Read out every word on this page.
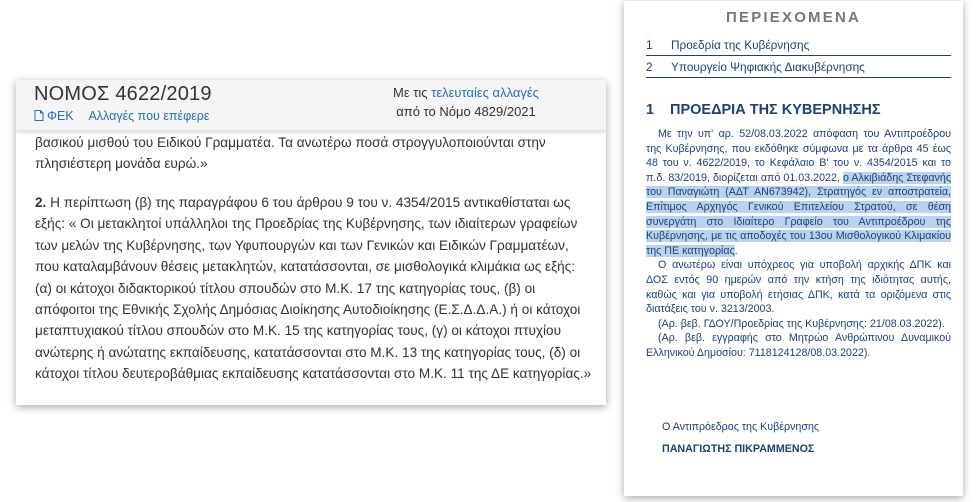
βασικού μισθού του Ειδικού Γραμματέα. Τα ανωτέρω ποσά στρογγυλοποιούνται στην πλησιέστερη μονάδα ευρώ.»

2. Η περίπτωση (β) της παραγράφου 6 του άρθρου 9 του ν. 4354/2015 αντικαθίσταται ως εξής: « Οι μετακλητοί υπάλληλοι της Προεδρίας της Κυβέρνησης, των ιδιαίτερων γραφείων των μελών της Κυβέρνησης, των Υφυπουργών και των Γενικών και Ειδικών Γραμματέων, που καταλαμβάνουν θέσεις μετακλητών, κατατάσσονται, σε μισθολογικά κλιμάκια ως εξής: (α) οι κάτοχοι διδακτορικού τίτλου σπουδών στο Μ.Κ. 17 της κατηγορίας τους, (β) οι απόφοιτοι της Εθνικής Σχολής Δημόσιας Διοίκησης Αυτοδιοίκησης (Ε.Σ.Δ.Δ.Α.) ή οι κάτοχοι μεταπτυχιακού τίτλου σπουδών στο Μ.Κ. 15 της κατηγορίας τους, (γ) οι κάτοχοι πτυχίου ανώτερης ή ανώτατης εκπαίδευσης, κατατάσσονται στο Μ.Κ. 13 της κατηγορίας τους, (δ) οι κάτοχοι τίτλου δευτεροβάθμιας εκπαίδευσης κατατάσσονται στο Μ.Κ. 11 της ΔΕ κατηγορίας.»

ΝΟΜΟΣ 4622/2019
ΦΕΚ Αλλαγές που επέφερε
Με τις τελευταίες αλλαγές
από το Νόμο 4829/2021
ΠΕΡΙΕΧΟΜΕΝΑ
1 Προεδρία της Κυβέρνησης
2 Υπουργείο Ψηφιακής Διακυβέρνησης
1 ΠΡΟΕΔΡΙΑ ΤΗΣ ΚΥΒΕΡΝΗΣΗΣ

Με την υπ' αρ. 52/08.03.2022 απόφαση του Αντιπροέδρου της Κυβέρνησης, που εκδόθηκε σύμφωνα με τα άρθρα 45 έως 48 του ν. 4622/2019, το Κεφάλαιο Β' του ν. 4354/2015 και το π.δ. 83/2019, διορίζεται από 01.03.2022, ο Αλκιβιάδης Στεφανής του Παναγιώτη (ΑΔΤ ΑΝ673942), Στρατηγός εν αποστρατεία, Επίτιμος Αρχηγός Γενικού Επιτελείου Στρατού, σε θέση συνεργάτη στο Ιδιαίτερο Γραφείο του Αντιπροέδρου της Κυβέρνησης, με τις αποδοχές του 13ου Μισθολογικού Κλιμακίου της ΠΕ κατηγορίας.

Ο ανωτέρω είναι υπόχρεος για υποβολή αρχικής ΔΠΚ και ΔΟΣ εντός 90 ημερών από την κτήση της ιδιότητας αυτής, καθώς και για υποβολή ετήσιας ΔΠΚ, κατά τα οριζόμενα στις διατάξεις του ν. 3213/2003.

(Αρ. βεβ. ΓΔΟΥ/Προεδρίας της Κυβέρνησης: 21/08.03.2022).

(Αρ. βεβ. εγγραφής στο Μητρώο Ανθρώπινου Δυναμικού Ελληνικού Δημοσίου: 7118124128/08.03.2022).

Ο Αντιπρόεδρος της Κυβέρνησης
ΠΑΝΑΓΙΩΤΗΣ ΠΙΚΡΑΜΜΕΝΟΣ
